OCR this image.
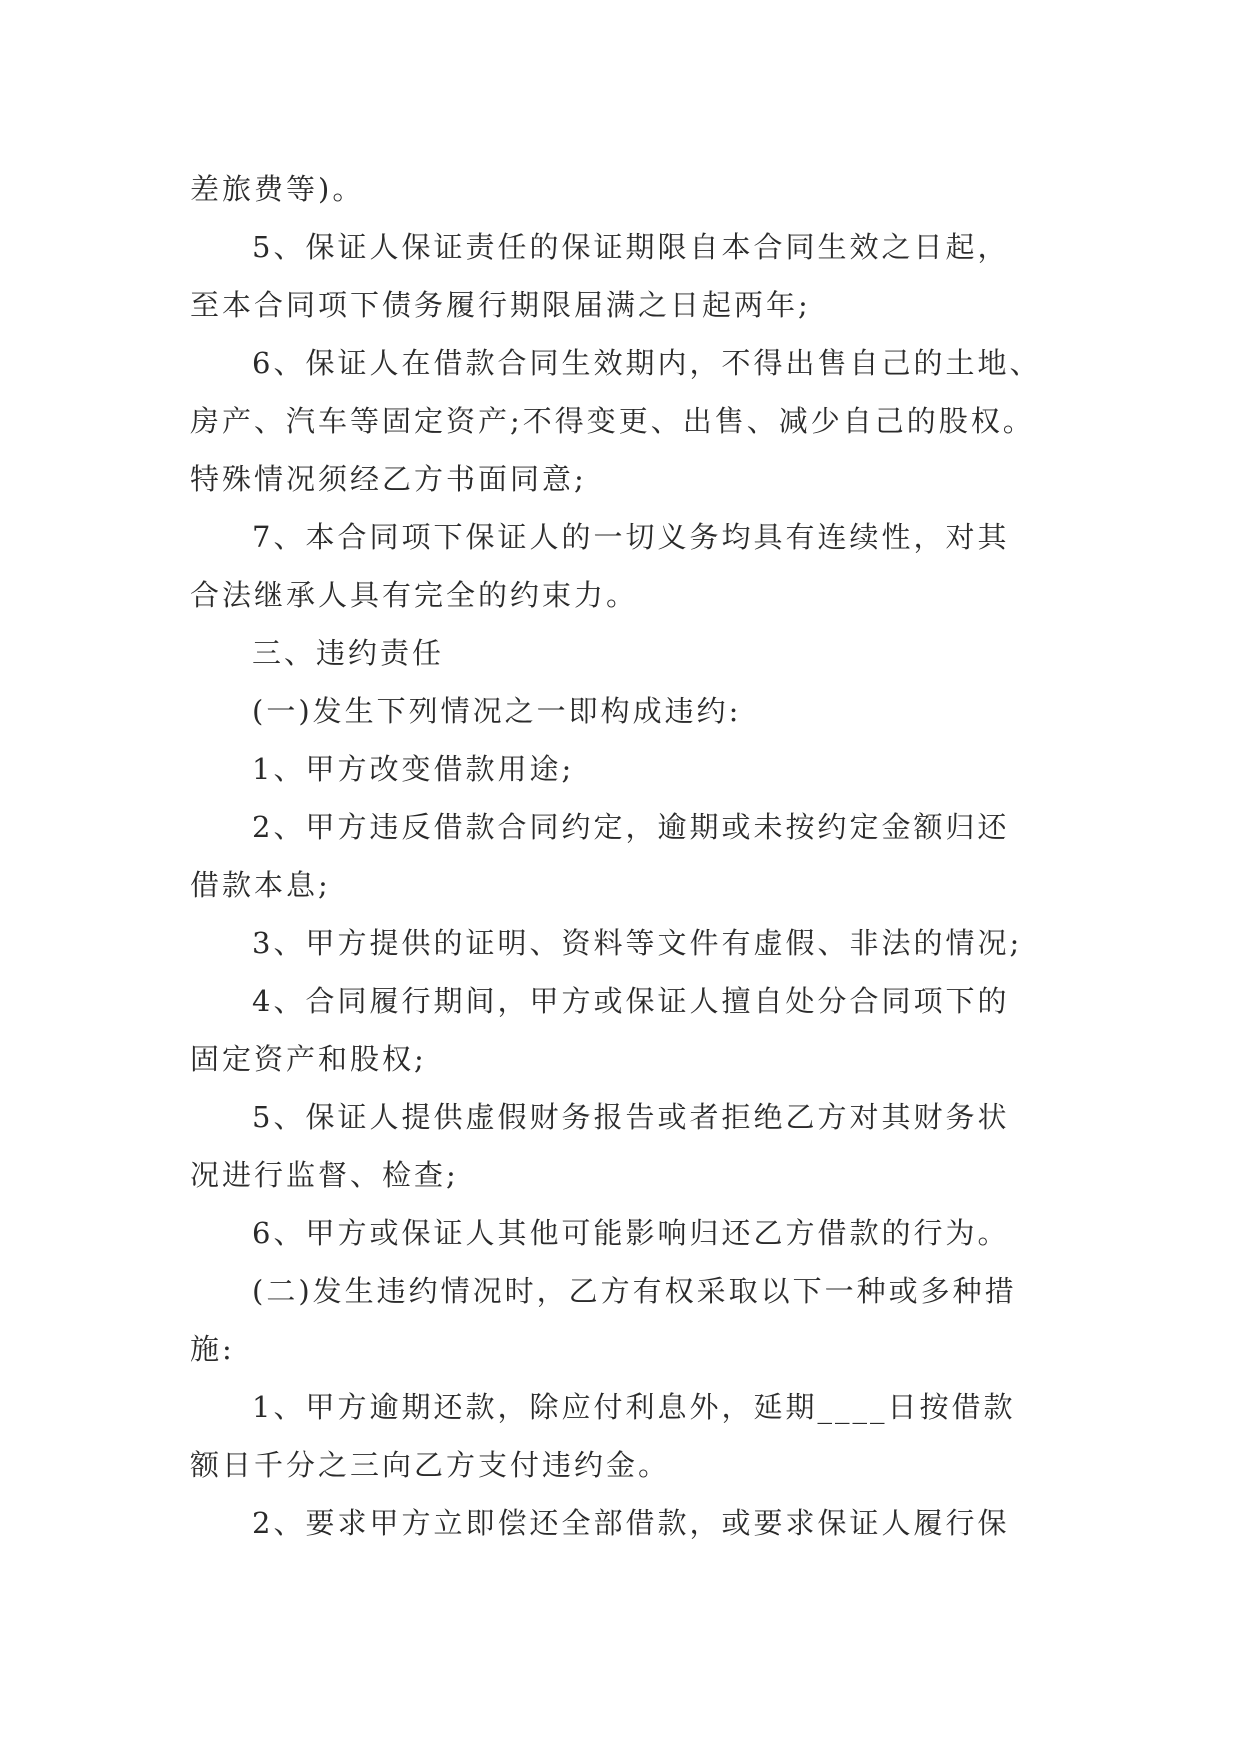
差旅费等)。
5、保证人保证责任的保证期限自本合同生效之日起，
至本合同项下债务履行期限届满之日起两年;
6、保证人在借款合同生效期内，不得出售自己的土地、
房产、汽车等固定资产;不得变更、出售、减少自己的股权。
特殊情况须经乙方书面同意;
7、本合同项下保证人的一切义务均具有连续性，对其
合法继承人具有完全的约束力。
三、违约责任
(一)发生下列情况之一即构成违约:
1、甲方改变借款用途;
2、甲方违反借款合同约定，逾期或未按约定金额归还
借款本息;
3、甲方提供的证明、资料等文件有虚假、非法的情况;
4、合同履行期间，甲方或保证人擅自处分合同项下的
固定资产和股权;
5、保证人提供虚假财务报告或者拒绝乙方对其财务状
况进行监督、检查;
6、甲方或保证人其他可能影响归还乙方借款的行为。
(二)发生违约情况时，乙方有权采取以下一种或多种措
施:
1、甲方逾期还款，除应付利息外，延期____日按借款
额日千分之三向乙方支付违约金。
2、要求甲方立即偿还全部借款，或要求保证人履行保
